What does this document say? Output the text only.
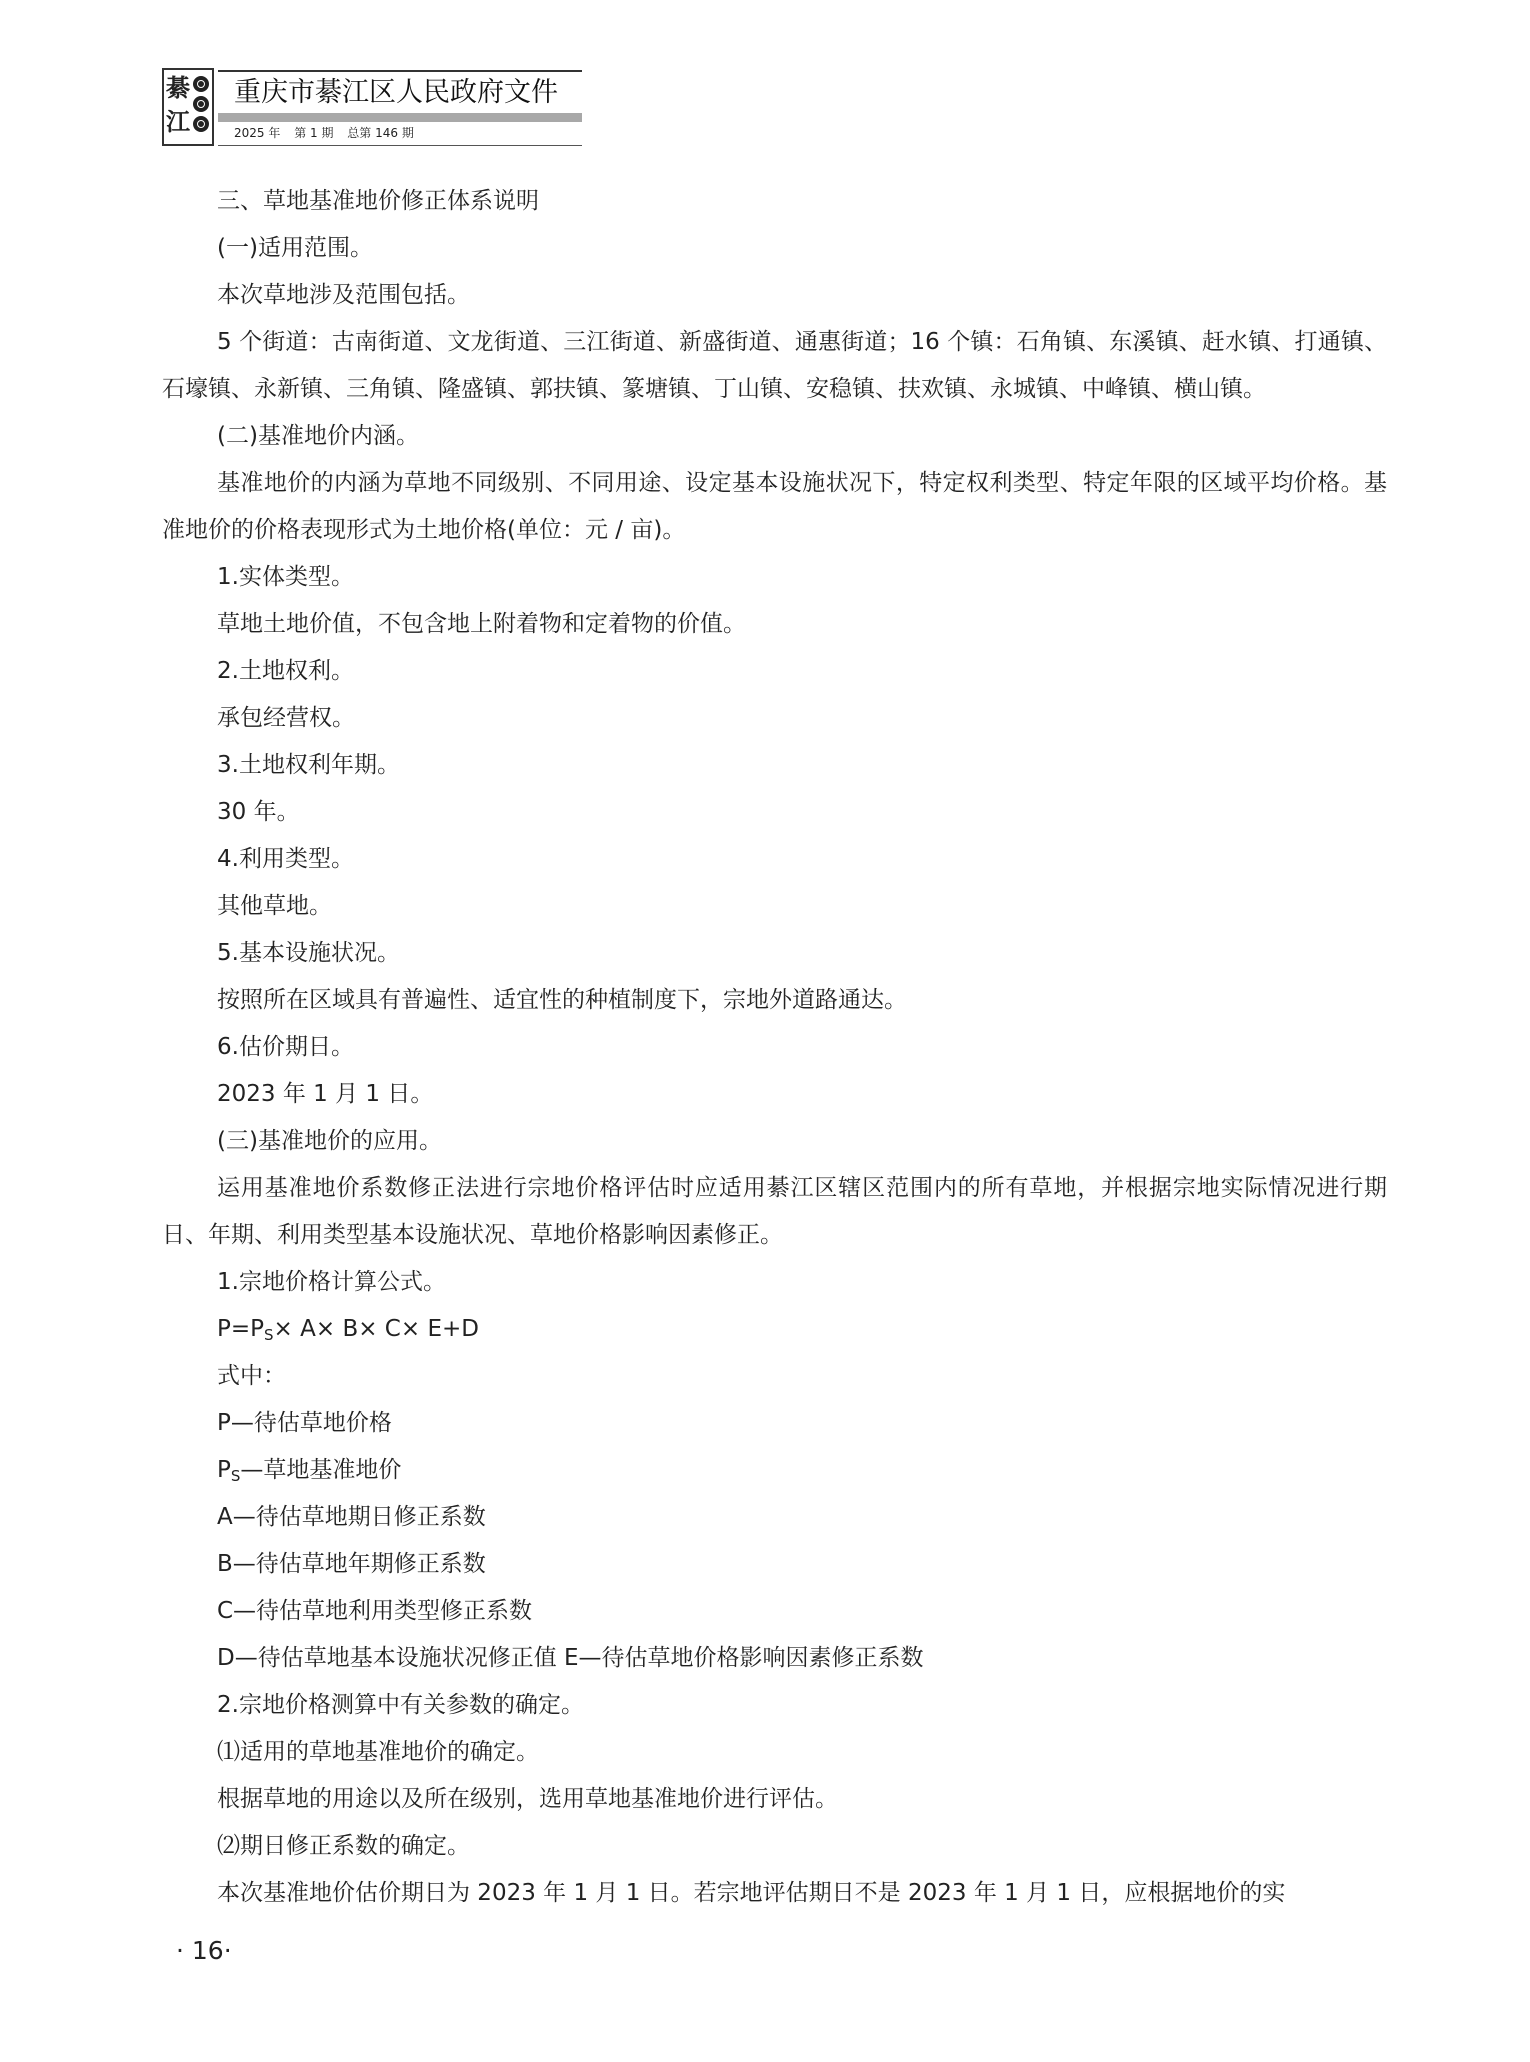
綦
江
重庆市綦江区人民政府文件
2025 年 第 1 期 总第 146 期

三、草地基准地价修正体系说明

(一)适用范围。

本次草地涉及范围包括。

5 个街道：古南街道、文龙街道、三江街道、新盛街道、通惠街道；16 个镇：石角镇、东溪镇、赶水镇、打通镇、石壕镇、永新镇、三角镇、隆盛镇、郭扶镇、篆塘镇、丁山镇、安稳镇、扶欢镇、永城镇、中峰镇、横山镇。

(二)基准地价内涵。

基准地价的内涵为草地不同级别、不同用途、设定基本设施状况下，特定权利类型、特定年限的区域平均价格。基准地价的价格表现形式为土地价格(单位：元 / 亩)。

1.实体类型。

草地土地价值，不包含地上附着物和定着物的价值。

2.土地权利。

承包经营权。

3.土地权利年期。

30 年。

4.利用类型。

其他草地。

5.基本设施状况。

按照所在区域具有普遍性、适宜性的种植制度下，宗地外道路通达。

6.估价期日。

2023 年 1 月 1 日。

(三)基准地价的应用。

运用基准地价系数修正法进行宗地价格评估时应适用綦江区辖区范围内的所有草地，并根据宗地实际情况进行期日、年期、利用类型基本设施状况、草地价格影响因素修正。

1.宗地价格计算公式。

$P=P_S\times A\times B\times C\times E+D$

式中：

P—待估草地价格

$P_S—$草地基准地价

A—待估草地期日修正系数

B—待估草地年期修正系数

C—待估草地利用类型修正系数

D—待估草地基本设施状况修正值 E—待估草地价格影响因素修正系数

2.宗地价格测算中有关参数的确定。

⑴适用的草地基准地价的确定。

根据草地的用途以及所在级别，选用草地基准地价进行评估。

⑵期日修正系数的确定。

本次基准地价估价期日为 2023 年 1 月 1 日。若宗地评估期日不是 2023 年 1 月 1 日，应根据地价的实

· 16·
